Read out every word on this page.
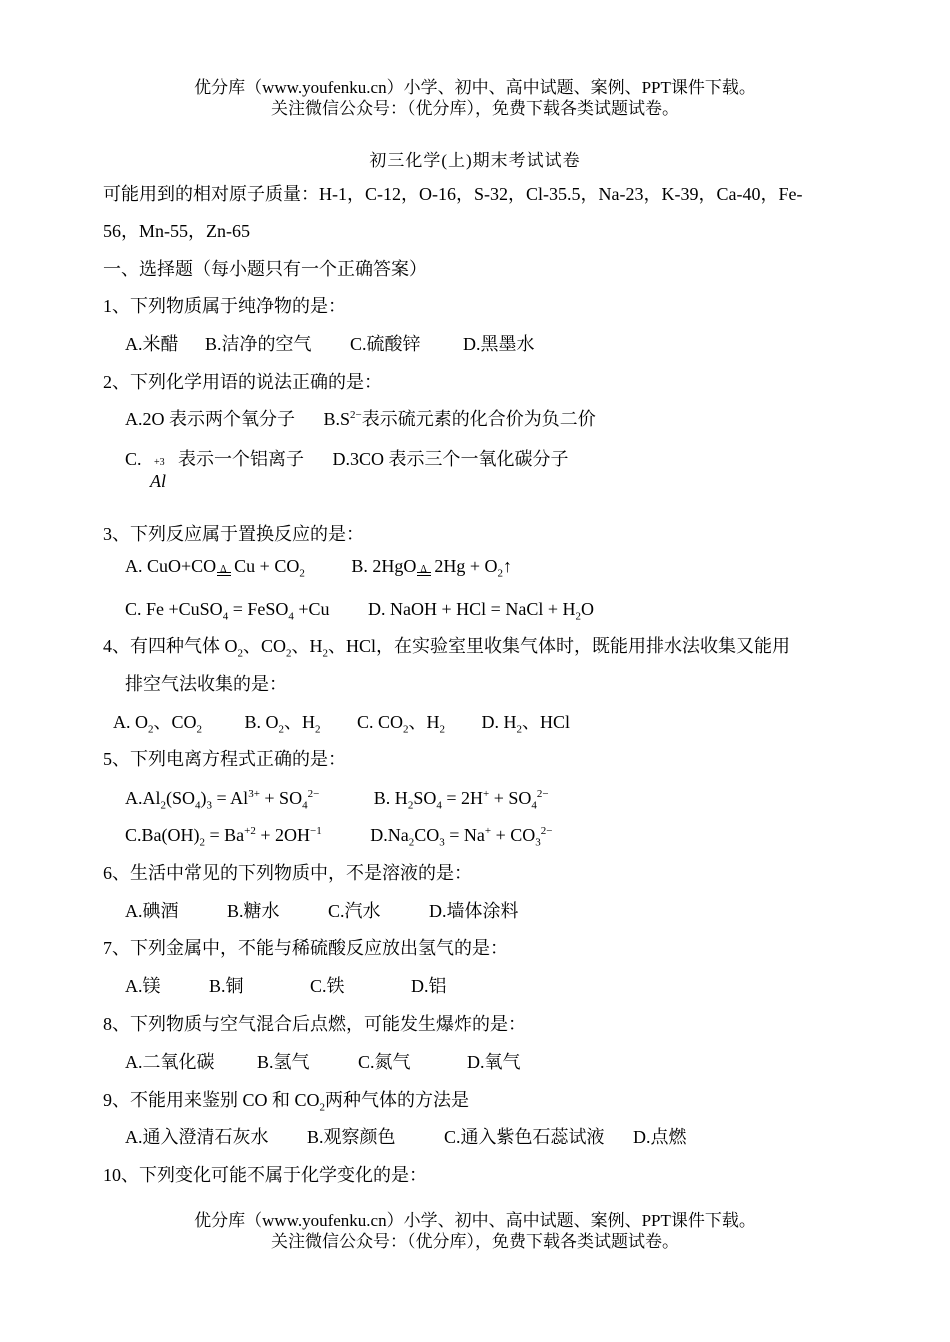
优分库（www.youfenku.cn）小学、初中、高中试题、案例、PPT课件下载。
关注微信公众号：（优分库），免费下载各类试题试卷。
初三化学(上)期末考试试卷
可能用到的相对原子质量：H-1，C-12，O-16，S-32，Cl-35.5，Na-23，K-39，Ca-40，Fe-
56，Mn-55，Zn-65
一、选择题（每小题只有一个正确答案）
1、下列物质属于纯净物的是：
A.米醋 B.洁净的空气 C.硫酸锌 D.黑墨水
2、下列化学用语的说法正确的是：
A.2O 表示两个氧分子 $B.S^{2-}$表示硫元素的化合价为负二价
C. +3
Al
表示一个铝离子 D.3CO 表示三个一氧化碳分子
3、下列反应属于置换反应的是：
A. CuO+CO Δ $Cu + CO_2$	B. 2HgO Δ $2Hg + O_2↑$
C. Fe +CuSO$_4$ = FeSO$_4$ +Cu D. NaOH + HCl = NaCl + $H_2O$
4、有四种气体 $O_2$、$CO_2$、$H_2$、HCl，在实验室里收集气体时，既能用排水法收集又能用
排空气法收集的是：
A. $O_2$、$CO_2$ B. $O_2$、$H_2$ C. $CO_2$、$H_2$ D. $H_2$、HCl
5、下列电离方程式正确的是：
$A.Al_2(SO_4)_3 = Al^{3+} + SO_4^{2-}$	B. $H_2SO_4 = 2H^+ + SO_4^{2-}$
$C.Ba(OH)_2 = Ba^{+2} + 2OH^{-1}$	$D.Na_2CO_3 = Na^+ + CO_3^{2-}$
6、生活中常见的下列物质中，不是溶液的是：
A.碘酒	B.糖水	C.汽水	D.墙体涂料
7、下列金属中，不能与稀硫酸反应放出氢气的是：
A.镁	B.铜	C.铁	D.铝
8、下列物质与空气混合后点燃，可能发生爆炸的是：
A.二氧化碳 B.氢气	C.氮气	D.氧气
9、不能用来鉴别 CO 和 $CO_2$两种气体的方法是
A.通入澄清石灰水 B.观察颜色	C.通入紫色石蕊试液 D.点燃
10、下列变化可能不属于化学变化的是：
优分库（www.youfenku.cn）小学、初中、高中试题、案例、PPT课件下载。
关注微信公众号：（优分库），免费下载各类试题试卷。
